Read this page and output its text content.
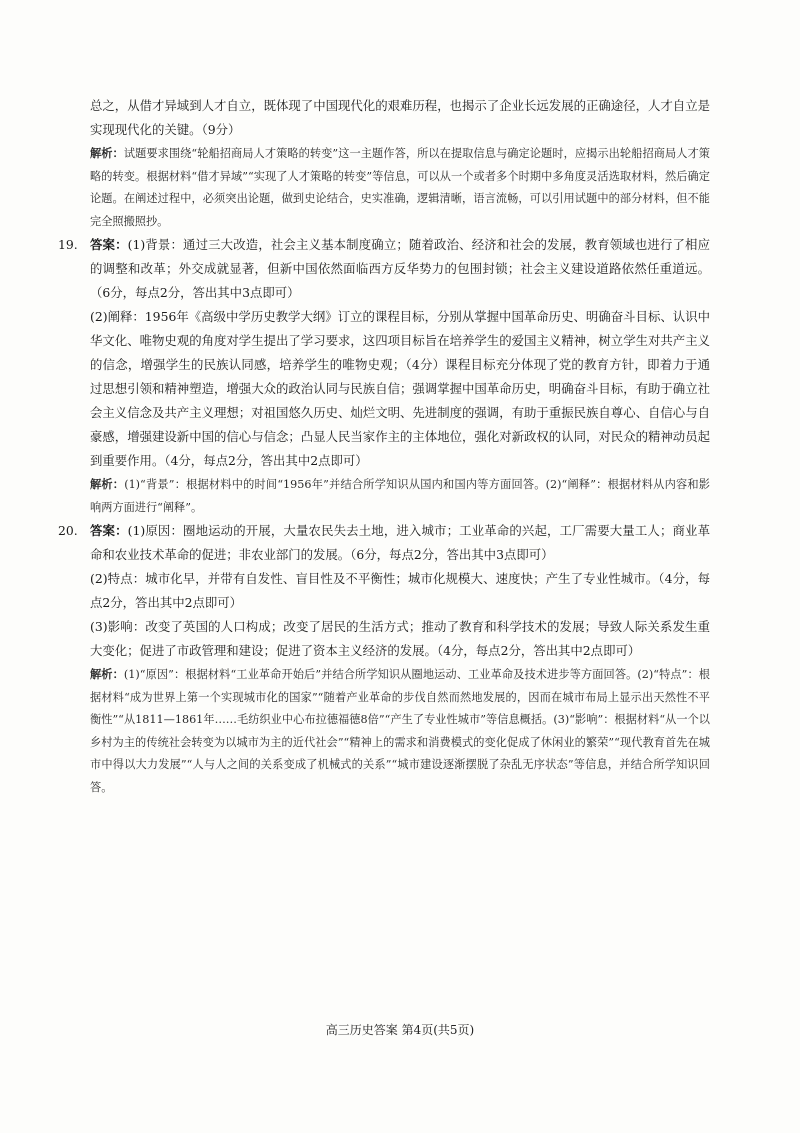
总之，从借才异域到人才自立，既体现了中国现代化的艰难历程，也揭示了企业长远发展的正确途径，人才自立是实现现代化的关键。（9分）

解析：试题要求围绕“轮船招商局人才策略的转变”这一主题作答，所以在提取信息与确定论题时，应揭示出轮船招商局人才策略的转变。根据材料“借才异域”“实现了人才策略的转变”等信息，可以从一个或者多个时期中多角度灵活选取材料，然后确定论题。在阐述过程中，必须突出论题，做到史论结合，史实准确，逻辑清晰，语言流畅，可以引用试题中的部分材料，但不能完全照搬照抄。

19. 答案：(1)背景：通过三大改造，社会主义基本制度确立；随着政治、经济和社会的发展，教育领域也进行了相应的调整和改革；外交成就显著，但新中国依然面临西方反华势力的包围封锁；社会主义建设道路依然任重道远。（6分，每点2分，答出其中3点即可）

(2)阐释：1956年《高级中学历史教学大纲》订立的课程目标，分别从掌握中国革命历史、明确奋斗目标、认识中华文化、唯物史观的角度对学生提出了学习要求，这四项目标旨在培养学生的爱国主义精神，树立学生对共产主义的信念，增强学生的民族认同感，培养学生的唯物史观；（4分）课程目标充分体现了党的教育方针，即着力于通过思想引领和精神塑造，增强大众的政治认同与民族自信；强调掌握中国革命历史，明确奋斗目标，有助于确立社会主义信念及共产主义理想；对祖国悠久历史、灿烂文明、先进制度的强调，有助于重振民族自尊心、自信心与自豪感，增强建设新中国的信心与信念；凸显人民当家作主的主体地位，强化对新政权的认同，对民众的精神动员起到重要作用。（4分，每点2分，答出其中2点即可）

解析：(1)“背景”：根据材料中的时间“1956年”并结合所学知识从国内和国内等方面回答。(2)“阐释”：根据材料从内容和影响两方面进行“阐释”。

20. 答案：(1)原因：圈地运动的开展，大量农民失去土地，进入城市；工业革命的兴起，工厂需要大量工人；商业革命和农业技术革命的促进；非农业部门的发展。（6分，每点2分，答出其中3点即可）

(2)特点：城市化早，并带有自发性、盲目性及不平衡性；城市化规模大、速度快；产生了专业性城市。（4分，每点2分，答出其中2点即可）

(3)影响：改变了英国的人口构成；改变了居民的生活方式；推动了教育和科学技术的发展；导致人际关系发生重大变化；促进了市政管理和建设；促进了资本主义经济的发展。（4分，每点2分，答出其中2点即可）

解析：(1)“原因”：根据材料“工业革命开始后”并结合所学知识从圈地运动、工业革命及技术进步等方面回答。(2)“特点”：根据材料“成为世界上第一个实现城市化的国家”“随着产业革命的步伐自然而然地发展的，因而在城市布局上显示出天然性不平衡性”“从1811—1861年……毛纺织业中心布拉德福德8倍”“产生了专业性城市”等信息概括。(3)“影响”：根据材料“从一个以乡村为主的传统社会转变为以城市为主的近代社会”“精神上的需求和消费模式的变化促成了休闲业的繁荣”“现代教育首先在城市中得以大力发展”“人与人之间的关系变成了机械式的关系”“城市建设逐渐摆脱了杂乱无序状态”等信息，并结合所学知识回答。

高三历史答案 第4页(共5页)
